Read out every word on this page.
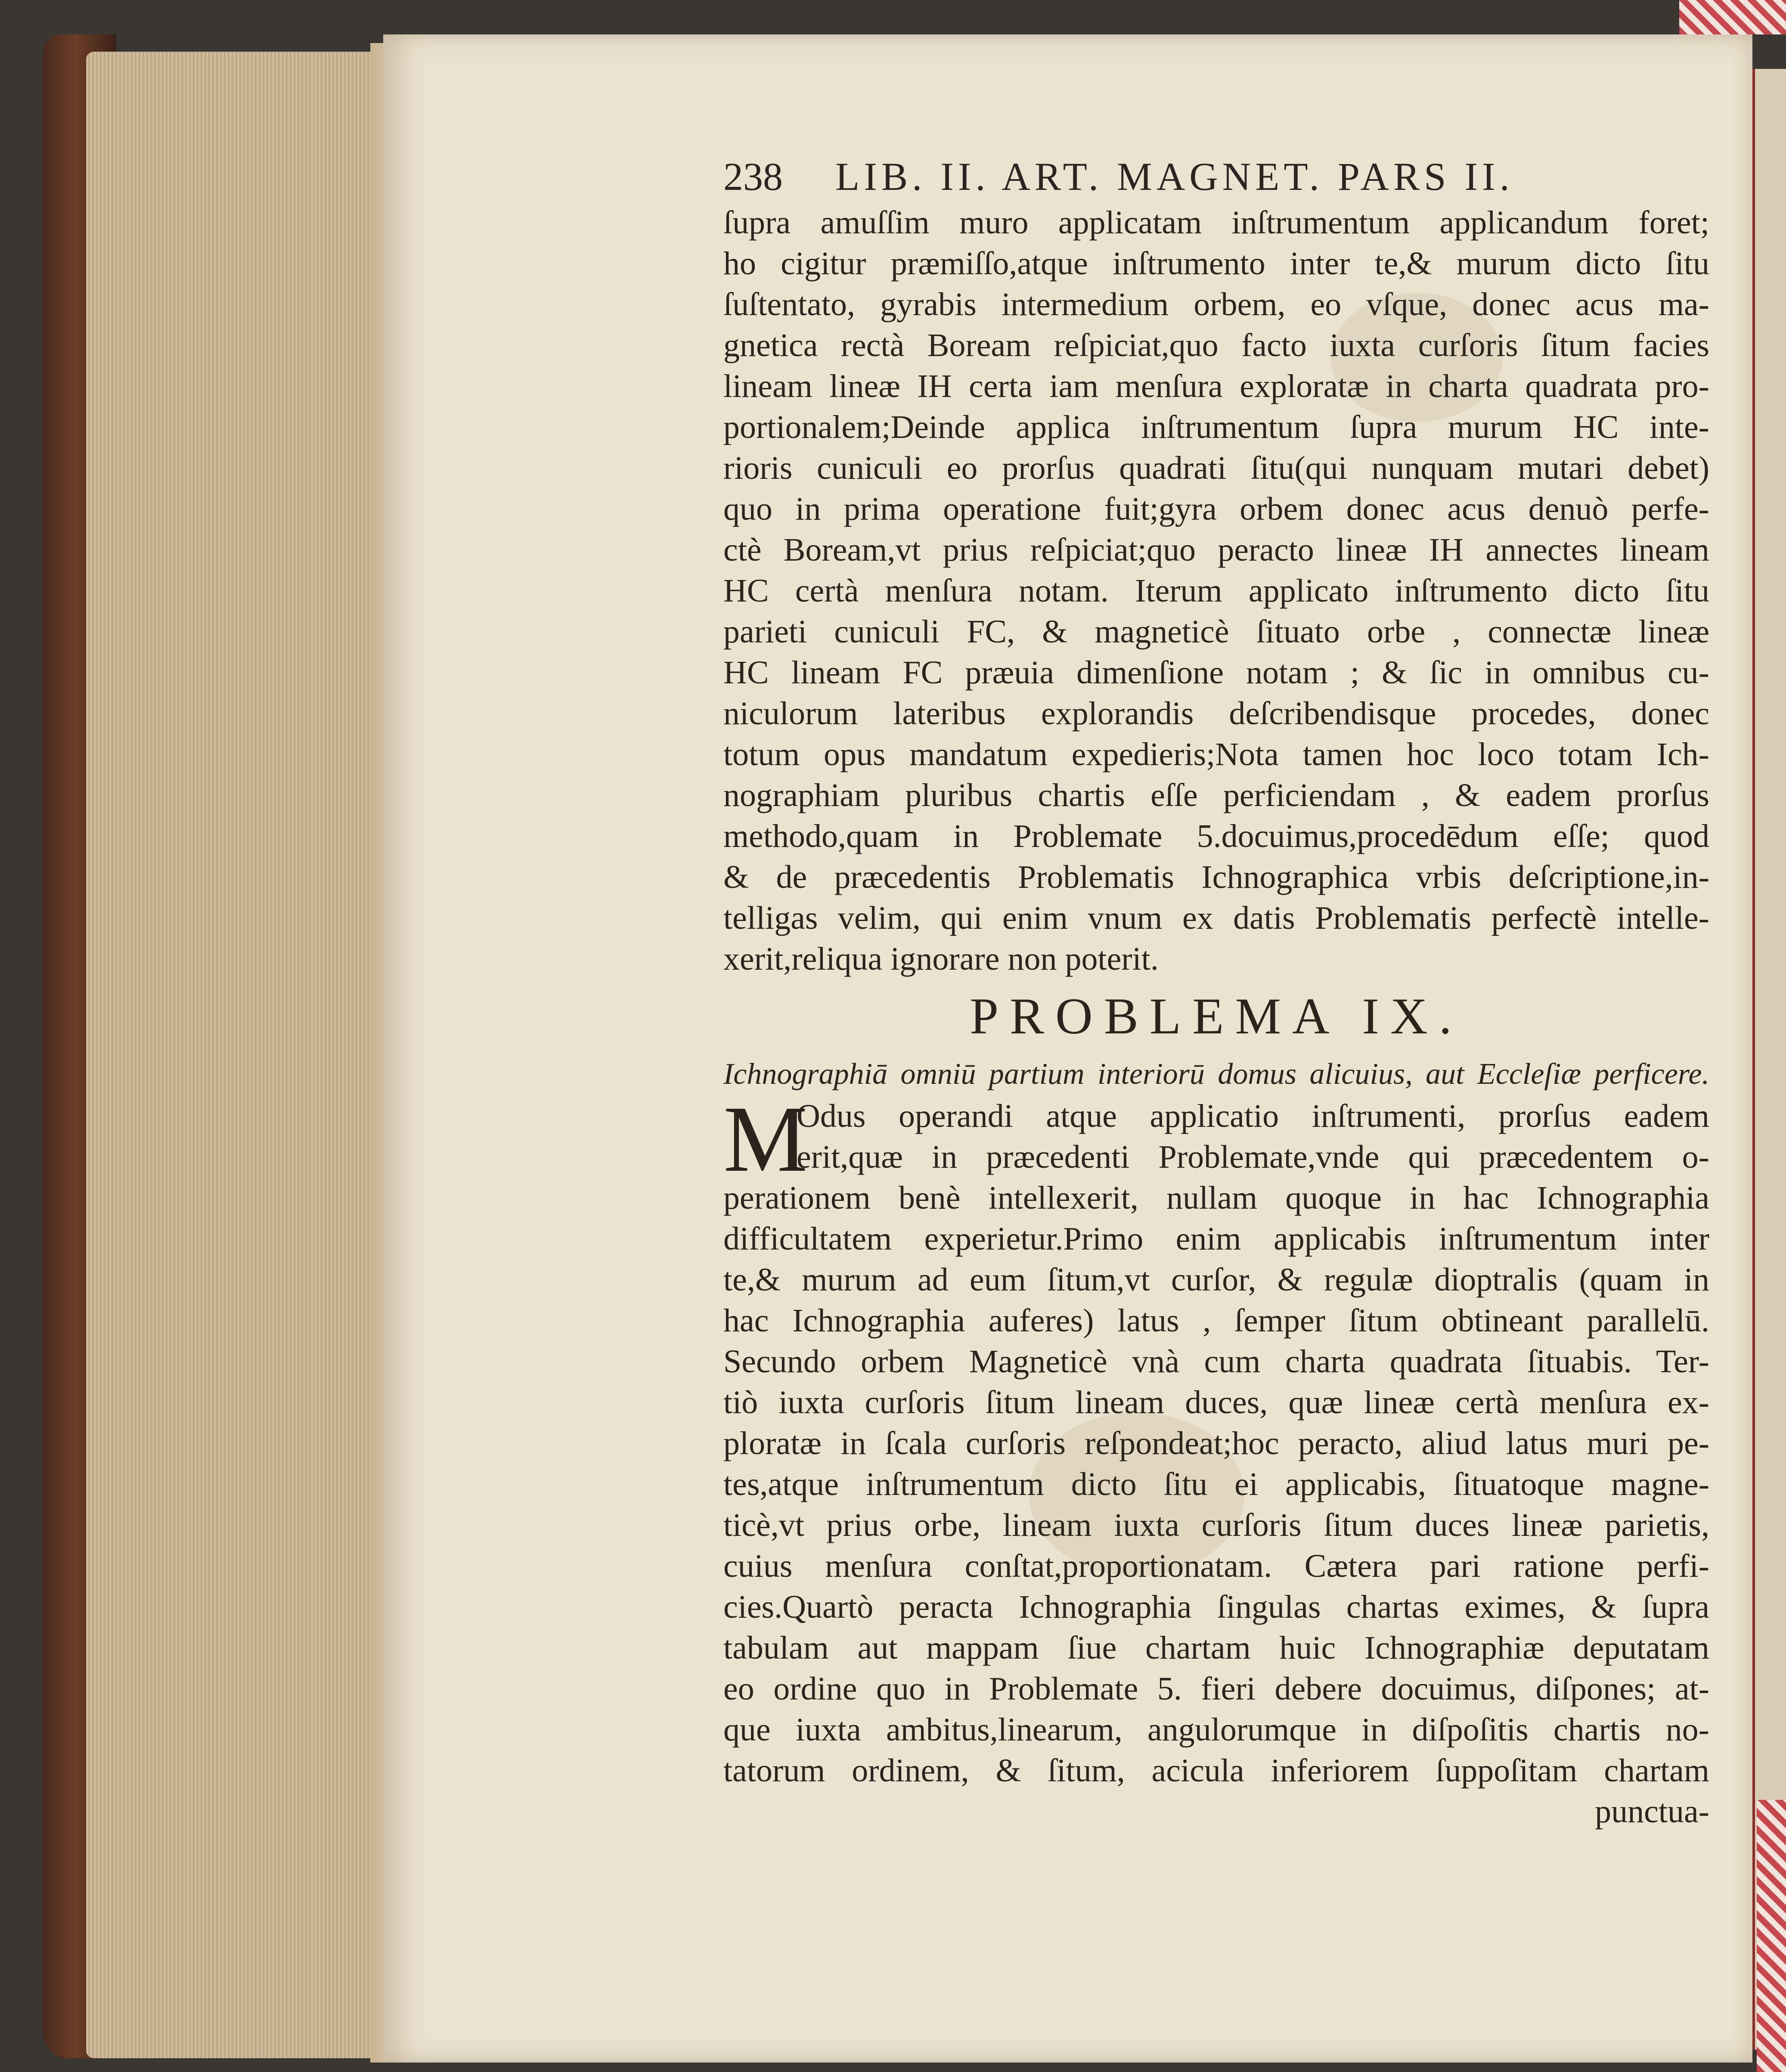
238 LIB. II. ART. MAGNET. PARS II.
ſupra amuſſim muro applicatam inſtrumentum applicandum foret;
ho cigitur præmiſſo,atque inſtrumento inter te,& murum dicto ſitu
ſuſtentato, gyrabis intermedium orbem, eo vſque, donec acus ma-
gnetica rectà Boream reſpiciat,quo facto iuxta curſoris ſitum facies
lineam lineæ IH certa iam menſura exploratæ in charta quadrata pro-
portionalem;Deinde applica inſtrumentum ſupra murum HC inte-
rioris cuniculi eo prorſus quadrati ſitu(qui nunquam mutari debet)
quo in prima operatione fuit;gyra orbem donec acus denuò perfe-
ctè Boream,vt prius reſpiciat;quo peracto lineæ IH annectes lineam
HC certà menſura notam. Iterum applicato inſtrumento dicto ſitu
parieti cuniculi FC, & magneticè ſituato orbe , connectæ lineæ
HC lineam FC præuia dimenſione notam ; & ſic in omnibus cu-
niculorum lateribus explorandis deſcribendisque procedes, donec
totum opus mandatum expedieris;Nota tamen hoc loco totam Ich-
nographiam pluribus chartis eſſe perficiendam , & eadem prorſus
methodo,quam in Problemate 5.docuimus,procedēdum eſſe; quod
& de præcedentis Problematis Ichnographica vrbis deſcriptione,in-
telligas velim, qui enim vnum ex datis Problematis perfectè intelle-
xerit,reliqua ignorare non poterit.
PROBLEMA IX.
Ichnographiā omniū partium interiorū domus alicuius, aut Eccleſiæ perficere.
M
Odus operandi atque applicatio inſtrumenti, prorſus eadem
erit,quæ in præcedenti Problemate,vnde qui præcedentem o-
perationem benè intellexerit, nullam quoque in hac Ichnographia
difficultatem experietur.Primo enim applicabis inſtrumentum inter
te,& murum ad eum ſitum,vt curſor, & regulæ dioptralis (quam in
hac Ichnographia auferes) latus , ſemper ſitum obtineant parallelū.
Secundo orbem Magneticè vnà cum charta quadrata ſituabis. Ter-
tiò iuxta curſoris ſitum lineam duces, quæ lineæ certà menſura ex-
ploratæ in ſcala curſoris reſpondeat;hoc peracto, aliud latus muri pe-
tes,atque inſtrumentum dicto ſitu ei applicabis, ſituatoque magne-
ticè,vt prius orbe, lineam iuxta curſoris ſitum duces lineæ parietis,
cuius menſura conſtat,proportionatam. Cætera pari ratione perfi-
cies.Quartò peracta Ichnographia ſingulas chartas eximes, & ſupra
tabulam aut mappam ſiue chartam huic Ichnographiæ deputatam
eo ordine quo in Problemate 5. fieri debere docuimus, diſpones; at-
que iuxta ambitus,linearum, angulorumque in diſpoſitis chartis no-
tatorum ordinem, & ſitum, acicula inferiorem ſuppoſitam chartam
punctua-
